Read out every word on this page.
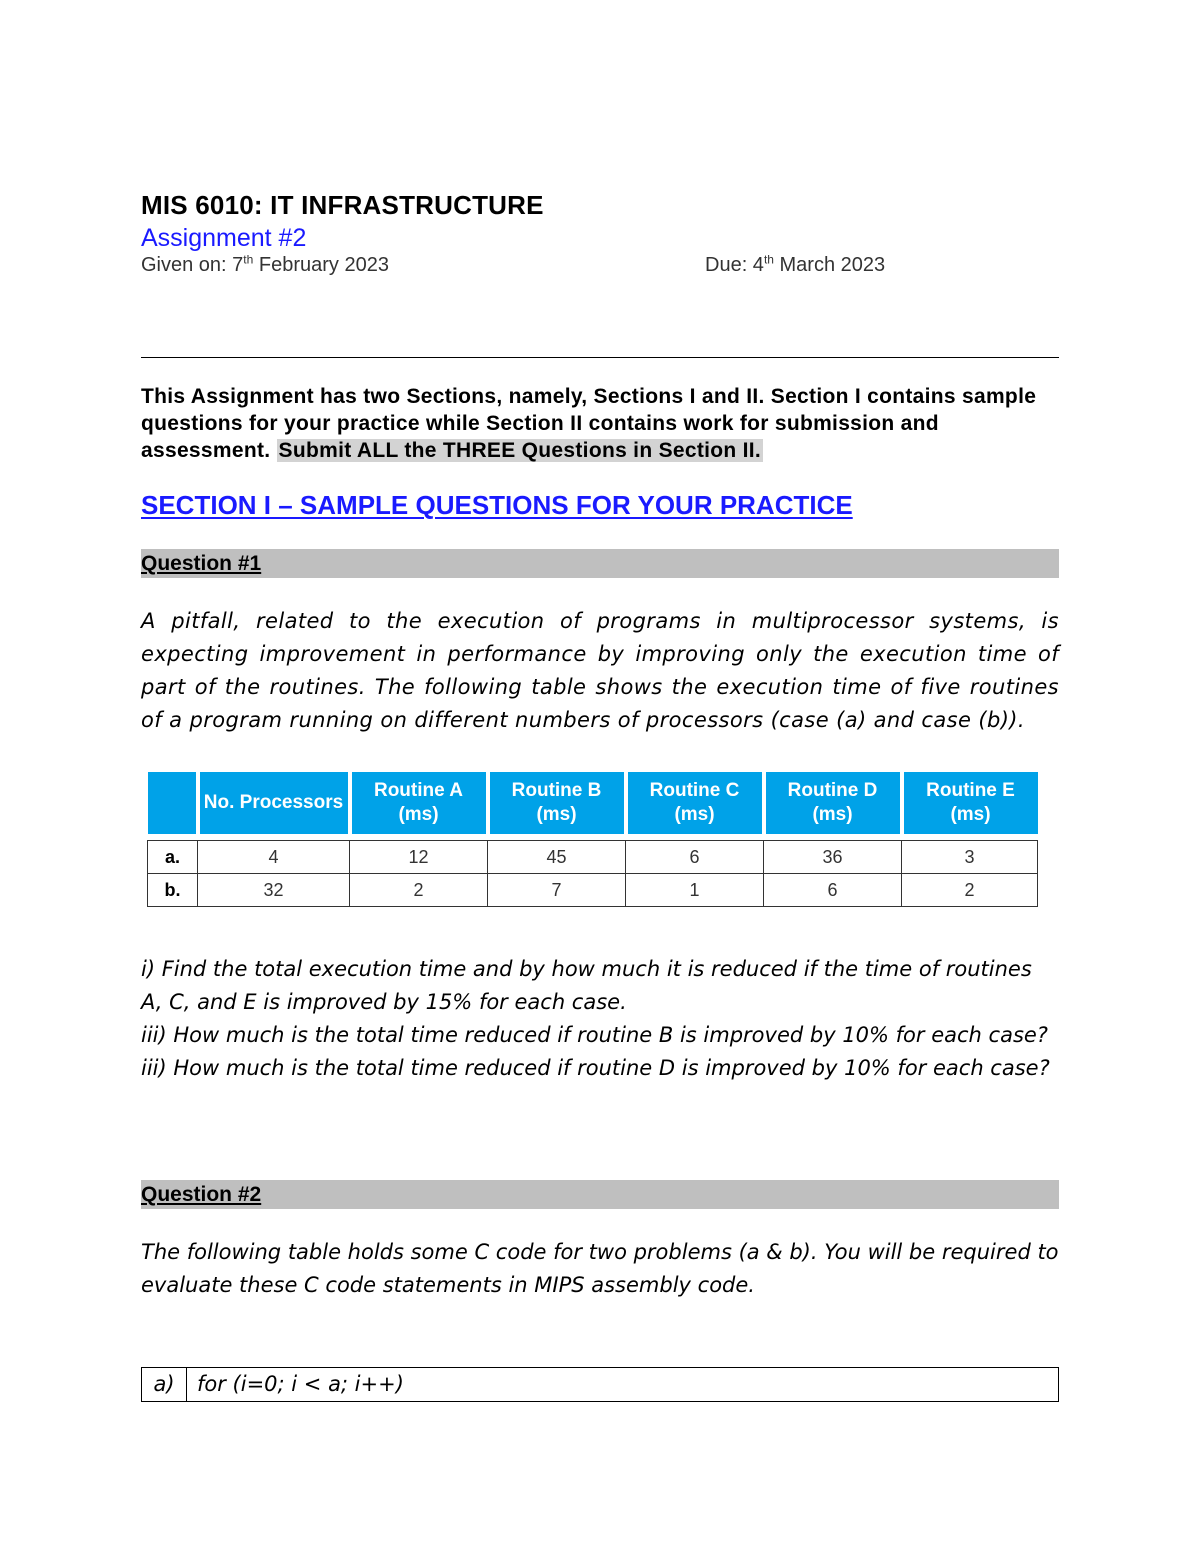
MIS 6010: IT INFRASTRUCTURE
Assignment #2
Given on: 7th February 2023	Due: 4th March 2023
This Assignment has two Sections, namely, Sections I and II. Section I contains sample questions for your practice while Section II contains work for submission and assessment. Submit ALL the THREE Questions in Section II.
SECTION I – SAMPLE QUESTIONS FOR YOUR PRACTICE
Question #1
A pitfall, related to the execution of programs in multiprocessor systems, is expecting improvement in performance by improving only the execution time of part of the routines. The following table shows the execution time of five routines of a program running on different numbers of processors (case (a) and case (b)).
	No. Processors	Routine A (ms)	Routine B (ms)	Routine C (ms)	Routine D (ms)	Routine E (ms)

a.	4	12	45	6	36	3
b.	32	2	7	1	6	2

i) Find the total execution time and by how much it is reduced if the time of routines A, C, and E is improved by 15% for each case.

iii) How much is the total time reduced if routine B is improved by 10% for each case?

iii) How much is the total time reduced if routine D is improved by 10% for each case?

Question #2
The following table holds some C code for two problems (a & b). You will be required to evaluate these C code statements in MIPS assembly code.
a)	for (i=0; i < a; i++)
